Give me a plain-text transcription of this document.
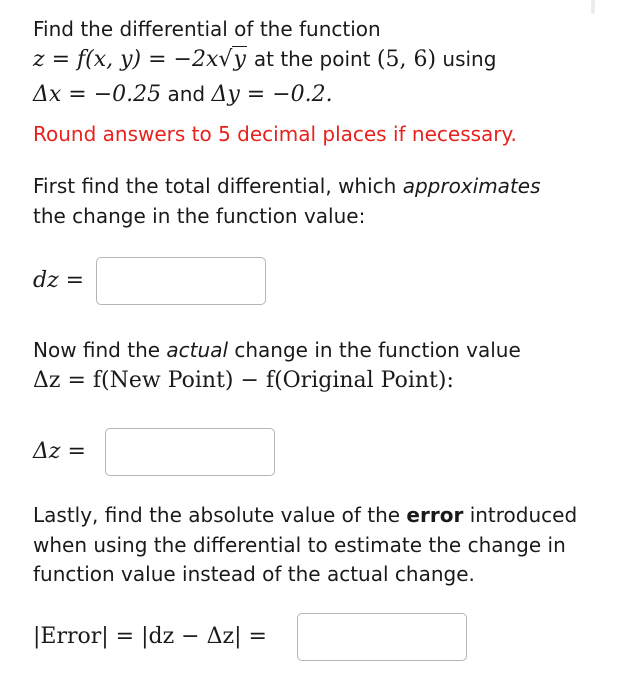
Find the differential of the function
z = f(x, y) = −2x√y at the point (5, 6) using
Δx = −0.25 and Δy = −0.2.
Round answers to 5 decimal places if necessary.
First find the total differential, which approximates
the change in the function value:
dz =
Now find the actual change in the function value
Δz = f(New Point) − f(Original Point):
Δz =
Lastly, find the absolute value of the error introduced
when using the differential to estimate the change in
function value instead of the actual change.
|Error| = |dz − Δz| =
